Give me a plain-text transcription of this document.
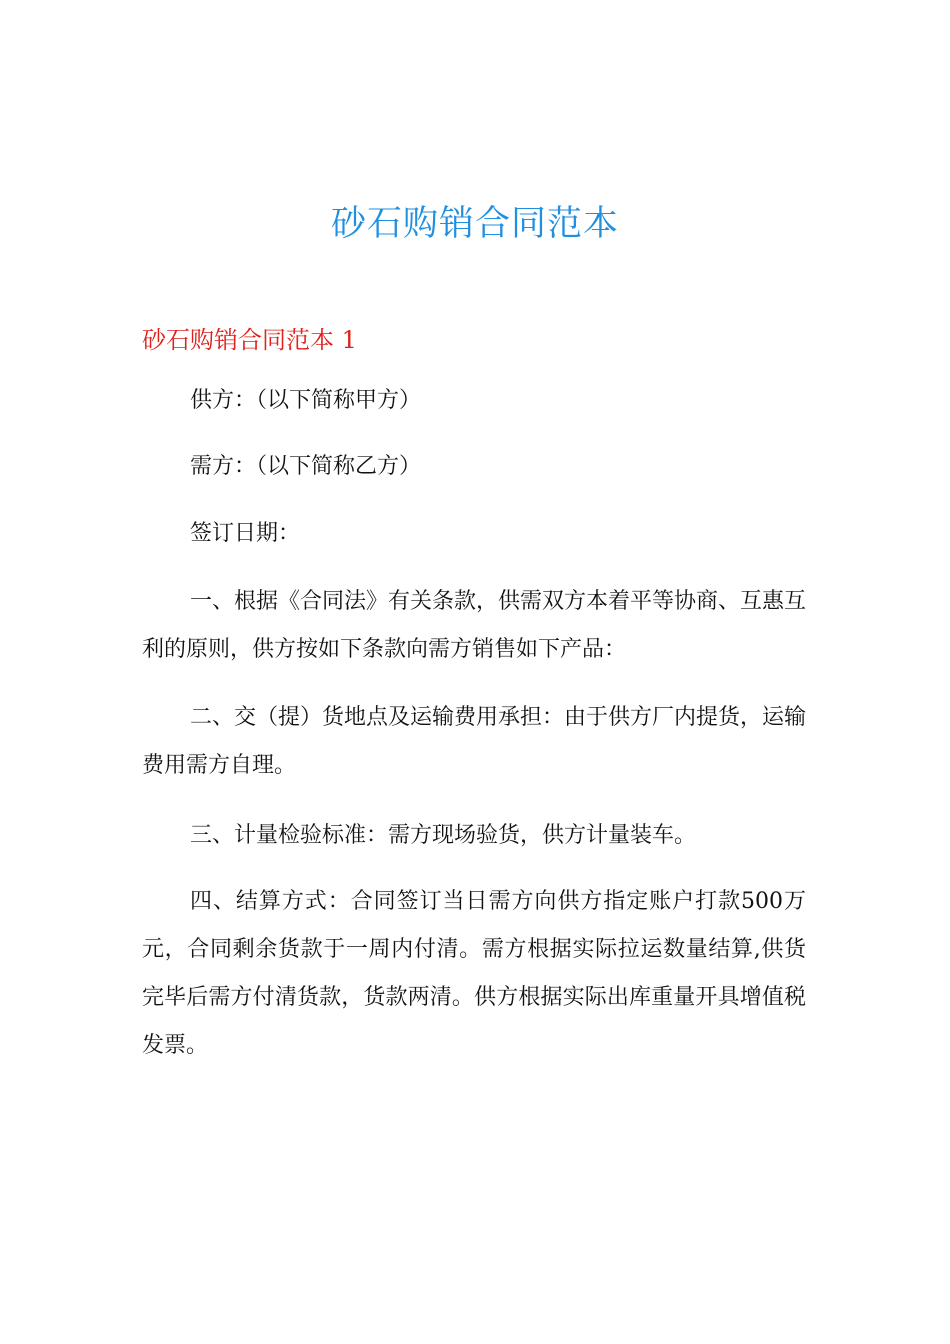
砂石购销合同范本
砂石购销合同范本 1

供方：（以下简称甲方）

需方：（以下简称乙方）

签订日期：

一、根据《合同法》有关条款，供需双方本着平等协商、互惠互利的原则，供方按如下条款向需方销售如下产品：

二、交（提）货地点及运输费用承担：由于供方厂内提货，运输费用需方自理。

三、计量检验标准：需方现场验货，供方计量装车。

四、结算方式：合同签订当日需方向供方指定账户打款500万元，合同剩余货款于一周内付清。需方根据实际拉运数量结算,供货完毕后需方付清货款，货款两清。供方根据实际出库重量开具增值税发票。
